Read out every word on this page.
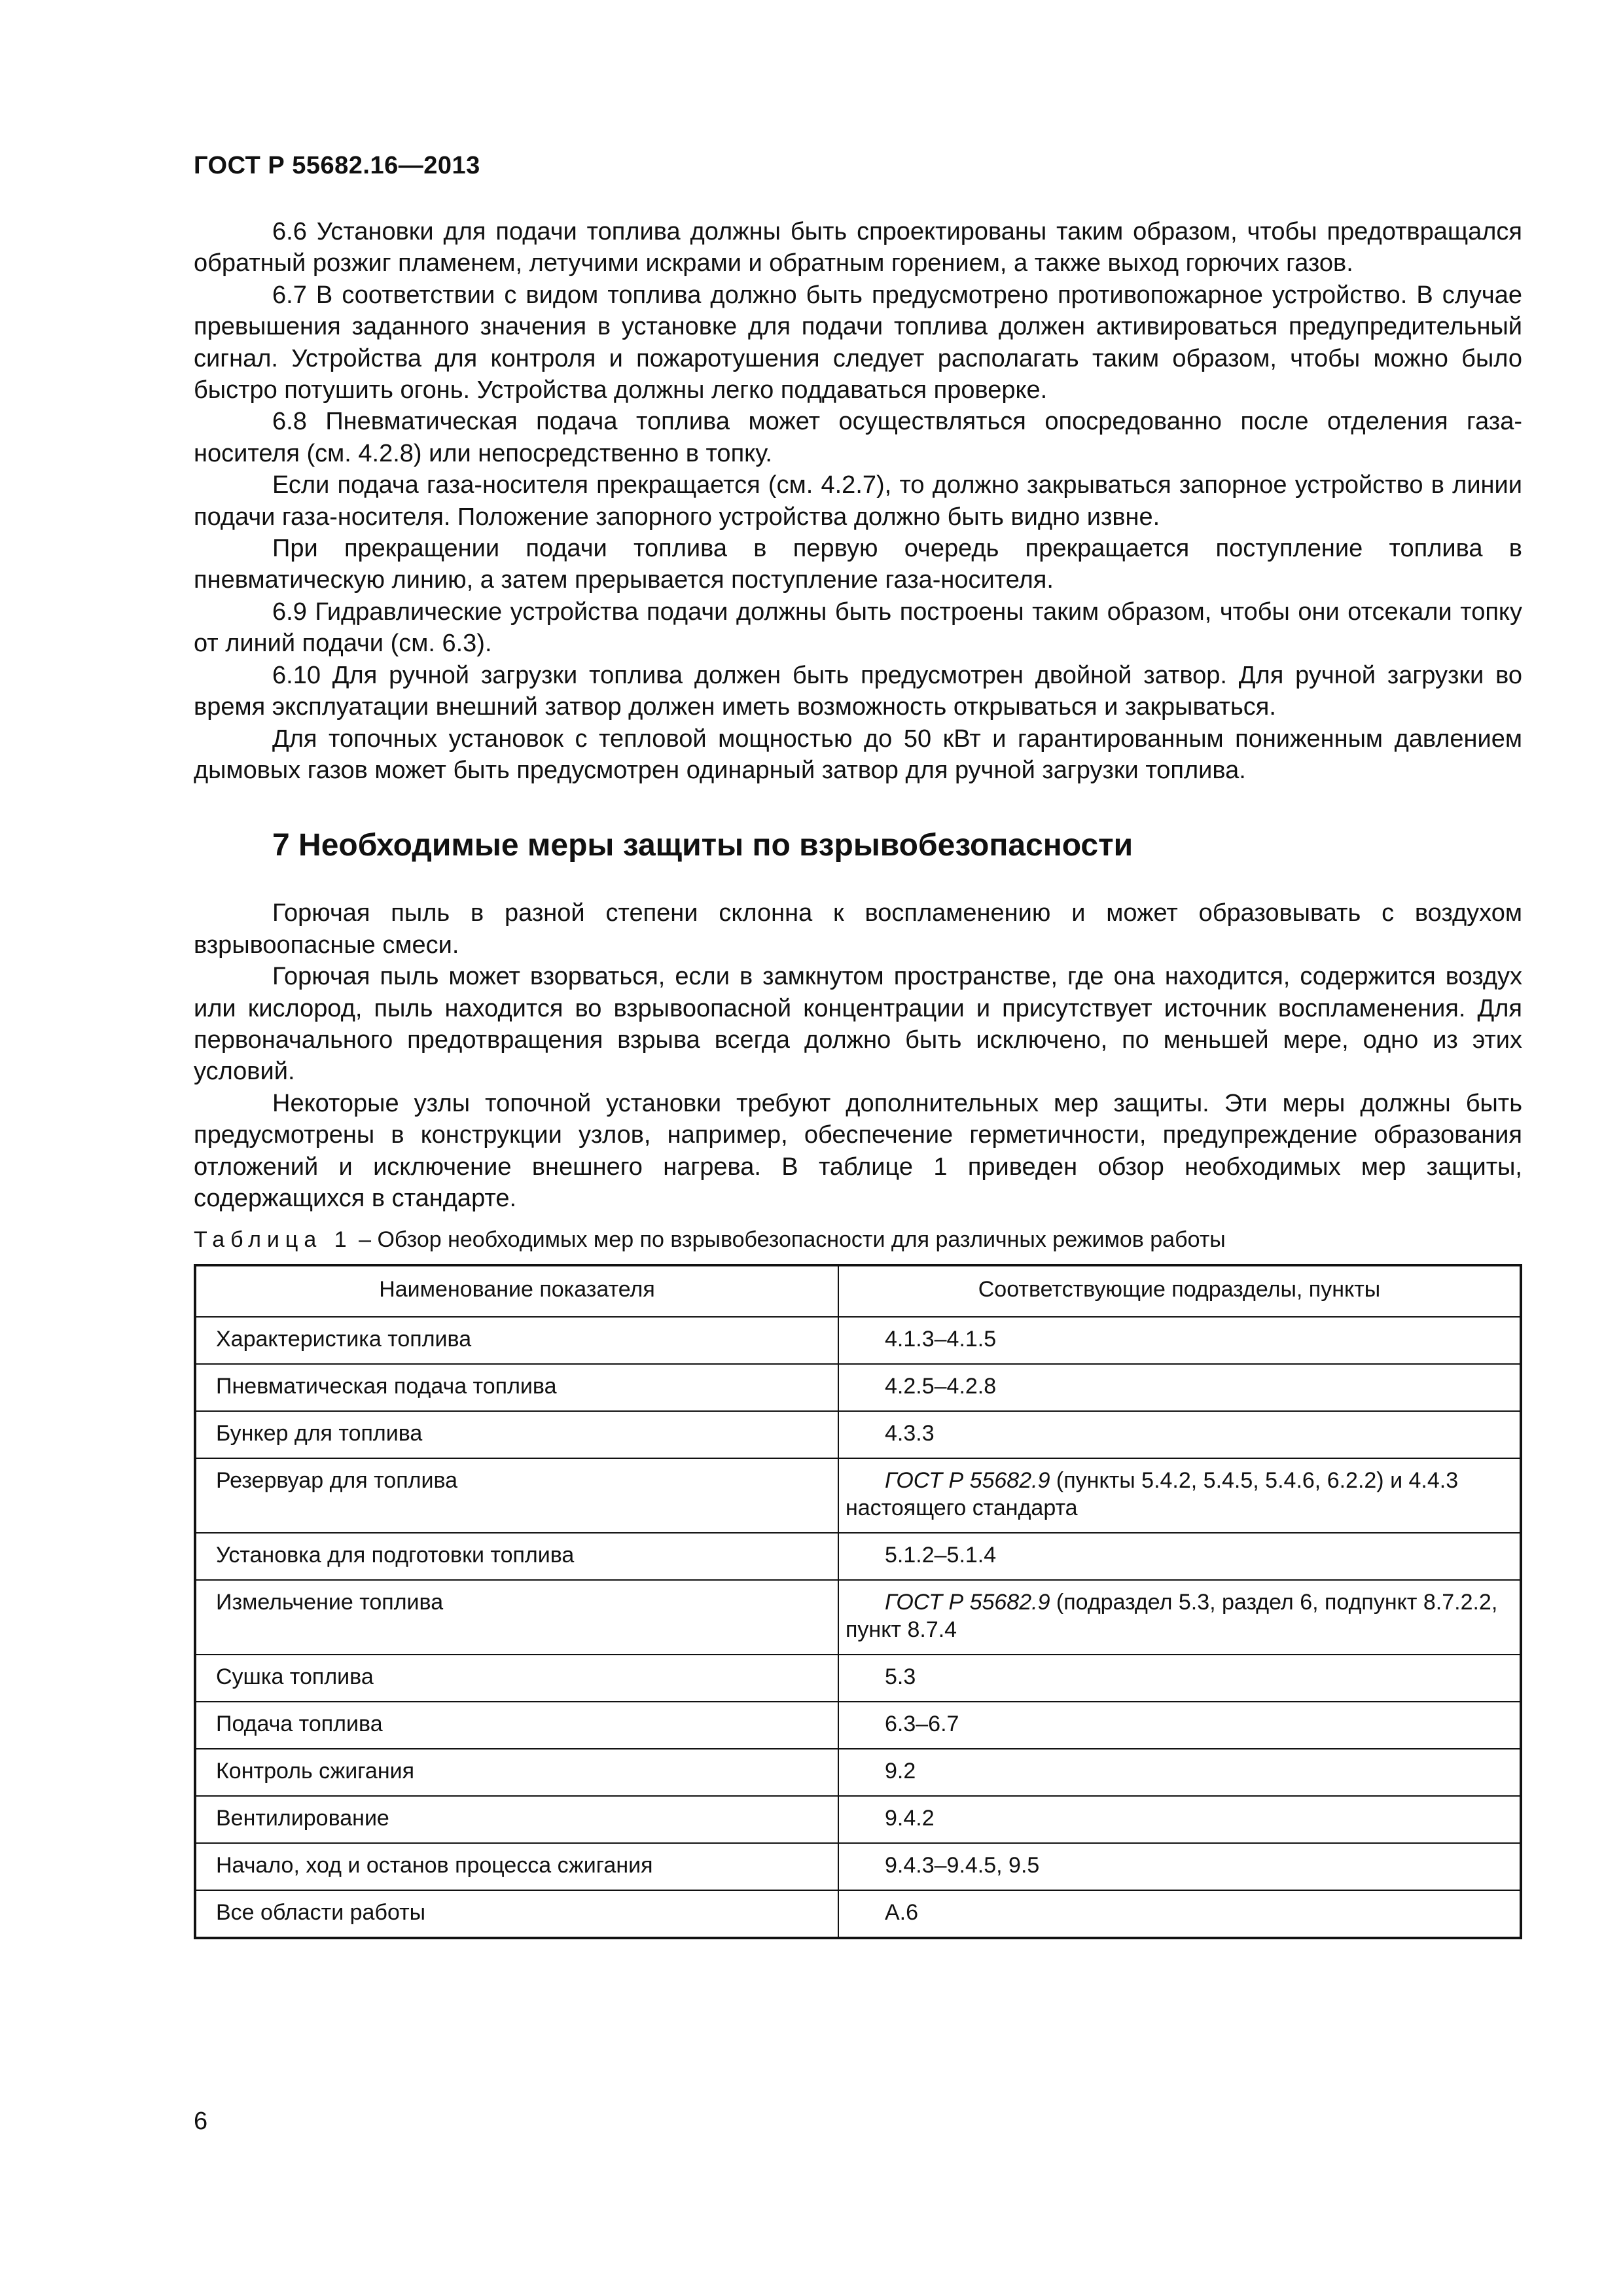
ГОСТ Р 55682.16—2013

6.6 Установки для подачи топлива должны быть спроектированы таким образом, чтобы предотвращался обратный розжиг пламенем, летучими искрами и обратным горением, а также выход горючих газов.

6.7 В соответствии с видом топлива должно быть предусмотрено противопожарное устройство. В случае превышения заданного значения в установке для подачи топлива должен активироваться предупредительный сигнал. Устройства для контроля и пожаротушения следует располагать таким образом, чтобы можно было быстро потушить огонь. Устройства должны легко поддаваться проверке.

6.8 Пневматическая подача топлива может осуществляться опосредованно после отделения газа-носителя (см. 4.2.8) или непосредственно в топку.

Если подача газа-носителя прекращается (см. 4.2.7), то должно закрываться запорное устройство в линии подачи газа-носителя. Положение запорного устройства должно быть видно извне.

При прекращении подачи топлива в первую очередь прекращается поступление топлива в пневматическую линию, а затем прерывается поступление газа-носителя.

6.9 Гидравлические устройства подачи должны быть построены таким образом, чтобы они отсекали топку от линий подачи (см. 6.3).

6.10 Для ручной загрузки топлива должен быть предусмотрен двойной затвор. Для ручной загрузки во время эксплуатации внешний затвор должен иметь возможность открываться и закрываться.

Для топочных установок с тепловой мощностью до 50 кВт и гарантированным пониженным давлением дымовых газов может быть предусмотрен одинарный затвор для ручной загрузки топлива.

7 Необходимые меры защиты по взрывобезопасности

Горючая пыль в разной степени склонна к воспламенению и может образовывать с воздухом взрывоопасные смеси.

Горючая пыль может взорваться, если в замкнутом пространстве, где она находится, содержится воздух или кислород, пыль находится во взрывоопасной концентрации и присутствует источник воспламенения. Для первоначального предотвращения взрыва всегда должно быть исключено, по меньшей мере, одно из этих условий.

Некоторые узлы топочной установки требуют дополнительных мер защиты. Эти меры должны быть предусмотрены в конструкции узлов, например, обеспечение герметичности, предупреждение образования отложений и исключение внешнего нагрева. В таблице 1 приведен обзор необходимых мер защиты, содержащихся в стандарте.

Таблица 1 – Обзор необходимых мер по взрывобезопасности для различных режимов работы
Наименование показателя	Соответствующие подразделы, пункты
Характеристика топлива	4.1.3–4.1.5
Пневматическая подача топлива	4.2.5–4.2.8
Бункер для топлива	4.3.3
Резервуар для топлива	ГОСТ Р 55682.9 (пункты 5.4.2, 5.4.5, 5.4.6, 6.2.2) и 4.4.3 настоящего стандарта
Установка для подготовки топлива	5.1.2–5.1.4
Измельчение топлива	ГОСТ Р 55682.9 (подраздел 5.3, раздел 6, подпункт 8.7.2.2, пункт 8.7.4
Сушка топлива	5.3
Подача топлива	6.3–6.7
Контроль сжигания	9.2
Вентилирование	9.4.2
Начало, ход и останов процесса сжигания	9.4.3–9.4.5, 9.5
Все области работы	А.6
6
